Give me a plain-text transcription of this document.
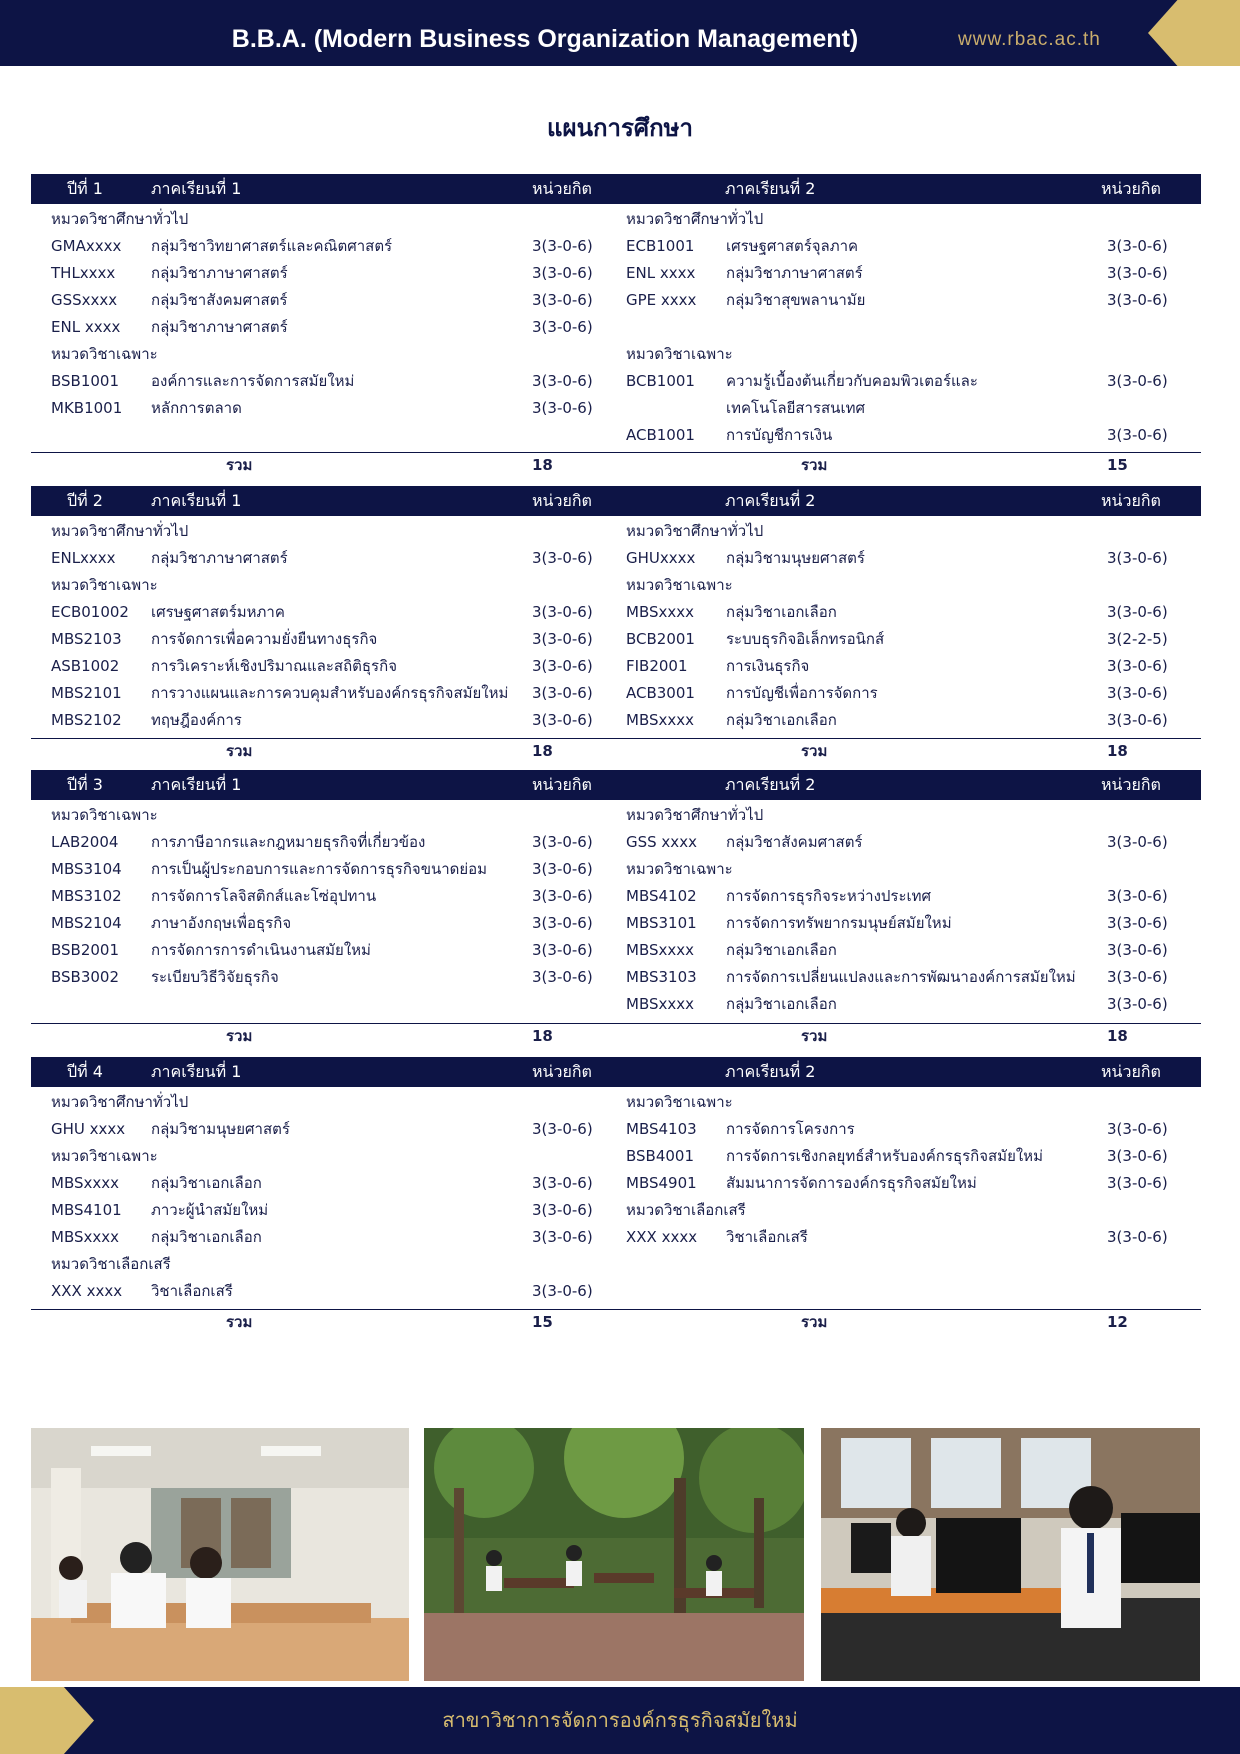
B.B.A. (Modern Business Organization Management)	www.rbac.ac.th
แผนการศึกษา
ปีที่ 1	ภาคเรียนที่ 1	หน่วยกิต	ภาคเรียนที่ 2	หน่วยกิต
หมวดวิชาศึกษาทั่วไป
GMAxxxx กลุ่มวิชาวิทยาศาสตร์และคณิตศาสตร์	3(3-0-6)
THLxxxx กลุ่มวิชาภาษาศาสตร์	3(3-0-6)
GSSxxxx กลุ่มวิชาสังคมศาสตร์	3(3-0-6)
ENL xxxx กลุ่มวิชาภาษาศาสตร์	3(3-0-6)
หมวดวิชาเฉพาะ
BSB1001 องค์การและการจัดการสมัยใหม่	3(3-0-6)
MKB1001 หลักการตลาด	3(3-0-6)
หมวดวิชาศึกษาทั่วไป
ECB1001 เศรษฐศาสตร์จุลภาค	3(3-0-6)
ENL xxxx กลุ่มวิชาภาษาศาสตร์	3(3-0-6)
GPE xxxx กลุ่มวิชาสุขพลานามัย	3(3-0-6)
หมวดวิชาเฉพาะ
BCB1001 ความรู้เบื้องต้นเกี่ยวกับคอมพิวเตอร์และ	3(3-0-6)
เทคโนโลยีสารสนเทศ
ACB1001 การบัญชีการเงิน	3(3-0-6)
รวม	18	รวม	15
ปีที่ 2	ภาคเรียนที่ 1	หน่วยกิต	ภาคเรียนที่ 2	หน่วยกิต
หมวดวิชาศึกษาทั่วไป
ENLxxxx กลุ่มวิชาภาษาศาสตร์	3(3-0-6)
หมวดวิชาเฉพาะ
ECB01002 เศรษฐศาสตร์มหภาค	3(3-0-6)
MBS2103 การจัดการเพื่อความยั่งยืนทางธุรกิจ	3(3-0-6)
ASB1002 การวิเคราะห์เชิงปริมาณและสถิติธุรกิจ	3(3-0-6)
MBS2101 การวางแผนและการควบคุมสำหรับองค์กรธุรกิจสมัยใหม่ 3(3-0-6)
MBS2102 ทฤษฎีองค์การ	3(3-0-6)
หมวดวิชาศึกษาทั่วไป
GHUxxxx กลุ่มวิชามนุษยศาสตร์	3(3-0-6)
หมวดวิชาเฉพาะ
MBSxxxx กลุ่มวิชาเอกเลือก	3(3-0-6)
BCB2001 ระบบธุรกิจอิเล็กทรอนิกส์	3(2-2-5)
FIB2001	การเงินธุรกิจ	3(3-0-6)
ACB3001 การบัญชีเพื่อการจัดการ	3(3-0-6)
MBSxxxx กลุ่มวิชาเอกเลือก	3(3-0-6)
รวม	18	รวม	18
ปีที่ 3	ภาคเรียนที่ 1	หน่วยกิต	ภาคเรียนที่ 2	หน่วยกิต
หมวดวิชาเฉพาะ
LAB2004 การภาษีอากรและกฎหมายธุรกิจที่เกี่ยวข้อง	3(3-0-6)
MBS3104 การเป็นผู้ประกอบการและการจัดการธุรกิจขนาดย่อม	3(3-0-6)
MBS3102 การจัดการโลจิสติกส์และโซ่อุปทาน	3(3-0-6)
MBS2104 ภาษาอังกฤษเพื่อธุรกิจ	3(3-0-6)
BSB2001 การจัดการการดำเนินงานสมัยใหม่	3(3-0-6)
BSB3002 ระเบียบวิธีวิจัยธุรกิจ	3(3-0-6)
หมวดวิชาศึกษาทั่วไป
GSS xxxx กลุ่มวิชาสังคมศาสตร์	3(3-0-6)
หมวดวิชาเฉพาะ
MBS4102 การจัดการธุรกิจระหว่างประเทศ	3(3-0-6)
MBS3101 การจัดการทรัพยากรมนุษย์สมัยใหม่	3(3-0-6)
MBSxxxx กลุ่มวิชาเอกเลือก	3(3-0-6)
MBS3103 การจัดการเปลี่ยนแปลงและการพัฒนาองค์การสมัยใหม่ 3(3-0-6)
MBSxxxx กลุ่มวิชาเอกเลือก	3(3-0-6)
รวม	18	รวม	18
ปีที่ 4	ภาคเรียนที่ 1	หน่วยกิต	ภาคเรียนที่ 2	หน่วยกิต
หมวดวิชาศึกษาทั่วไป
GHU xxxx กลุ่มวิชามนุษยศาสตร์	3(3-0-6)
หมวดวิชาเฉพาะ
MBSxxxx กลุ่มวิชาเอกเลือก	3(3-0-6)
MBS4101 ภาวะผู้นำสมัยใหม่	3(3-0-6)
MBSxxxx กลุ่มวิชาเอกเลือก	3(3-0-6)
หมวดวิชาเลือกเสรี
XXX xxxx วิชาเลือกเสรี	3(3-0-6)
หมวดวิชาเฉพาะ
MBS4103 การจัดการโครงการ	3(3-0-6)
BSB4001 การจัดการเชิงกลยุทธ์สำหรับองค์กรธุรกิจสมัยใหม่	3(3-0-6)
MBS4901 สัมมนาการจัดการองค์กรธุรกิจสมัยใหม่	3(3-0-6)
หมวดวิชาเลือกเสรี
XXX xxxx วิชาเลือกเสรี	3(3-0-6)
รวม	15	รวม	12
สาขาวิชาการจัดการองค์กรธุรกิจสมัยใหม่
